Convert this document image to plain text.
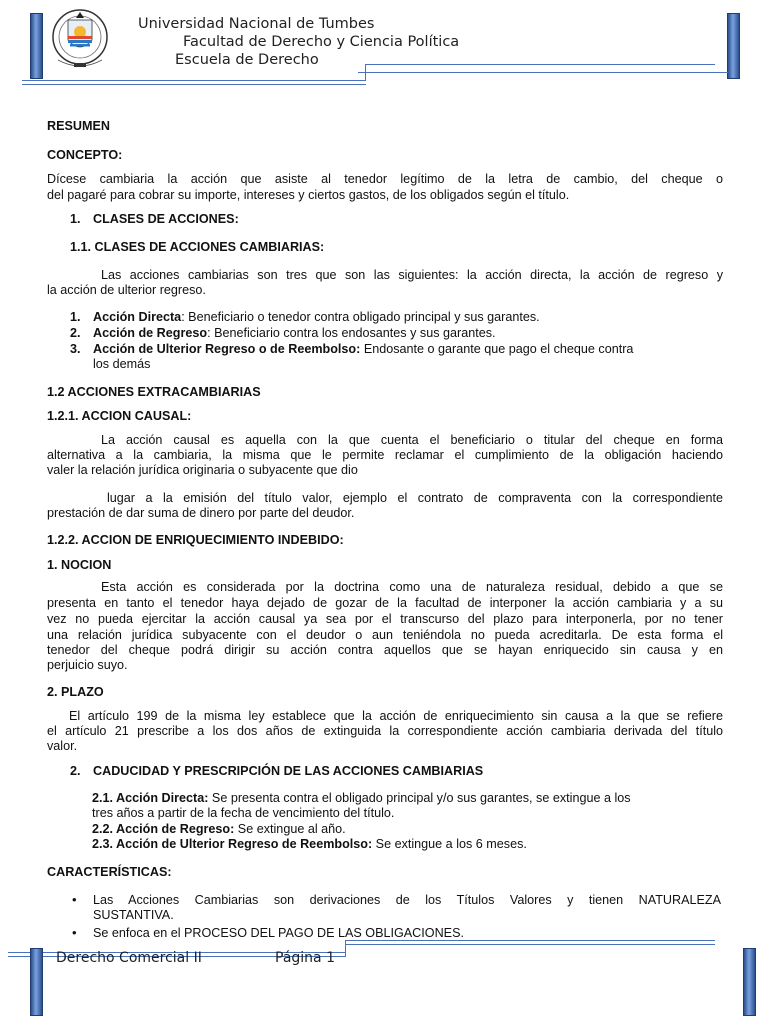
Universidad Nacional de Tumbes
Facultad de Derecho y Ciencia Política
Escuela de Derecho
RESUMEN
CONCEPTO:
Dícese cambiaria la acción que asiste al tenedor legítimo de la letra de cambio, del cheque o
del pagaré para cobrar su importe, intereses y ciertos gastos, de los obligados según el título.
1. CLASES DE ACCIONES:
1.1. CLASES DE ACCIONES CAMBIARIAS:
Las acciones cambiarias son tres que son las siguientes: la acción directa, la acción de regreso y
la acción de ulterior regreso.
1. Acción Directa: Beneficiario o tenedor contra obligado principal y sus garantes.
2. Acción de Regreso: Beneficiario contra los endosantes y sus garantes.
3. Acción de Ulterior Regreso o de Reembolso: Endosante o garante que pago el cheque contra
los demás
1.2 ACCIONES EXTRACAMBIARIAS
1.2.1. ACCION CAUSAL:
La acción causal es aquella con la que cuenta el beneficiario o titular del cheque en forma
alternativa a la cambiaria, la misma que le permite reclamar el cumplimiento de la obligación haciendo
valer la relación jurídica originaria o subyacente que dio
lugar a la emisión del título valor, ejemplo el contrato de compraventa con la correspondiente
prestación de dar suma de dinero por parte del deudor.
1.2.2. ACCION DE ENRIQUECIMIENTO INDEBIDO:
1. NOCION
Esta acción es considerada por la doctrina como una de naturaleza residual, debido a que se
presenta en tanto el tenedor haya dejado de gozar de la facultad de interponer la acción cambiaria y a su
vez no pueda ejercitar la acción causal ya sea por el transcurso del plazo para interponerla, por no tener
una relación jurídica subyacente con el deudor o aun teniéndola no pueda acreditarla. De esta forma el
tenedor del cheque podrá dirigir su acción contra aquellos que se hayan enriquecido sin causa y en
perjuicio suyo.
2. PLAZO
El artículo 199 de la misma ley establece que la acción de enriquecimiento sin causa a la que se refiere
el artículo 21 prescribe a los dos años de extinguida la correspondiente acción cambiaria derivada del título
valor.
2. CADUCIDAD Y PRESCRIPCIÓN DE LAS ACCIONES CAMBIARIAS
2.1. Acción Directa: Se presenta contra el obligado principal y/o sus garantes, se extingue a los
tres años a partir de la fecha de vencimiento del título.
2.2. Acción de Regreso: Se extingue al año.
2.3. Acción de Ulterior Regreso de Reembolso: Se extingue a los 6 meses.
CARACTERÍSTICAS:
• Las Acciones Cambiarias son derivaciones de los Títulos Valores y tienen NATURALEZA
SUSTANTIVA.
• Se enfoca en el PROCESO DEL PAGO DE LAS OBLIGACIONES.
Derecho Comercial II	Página 1
